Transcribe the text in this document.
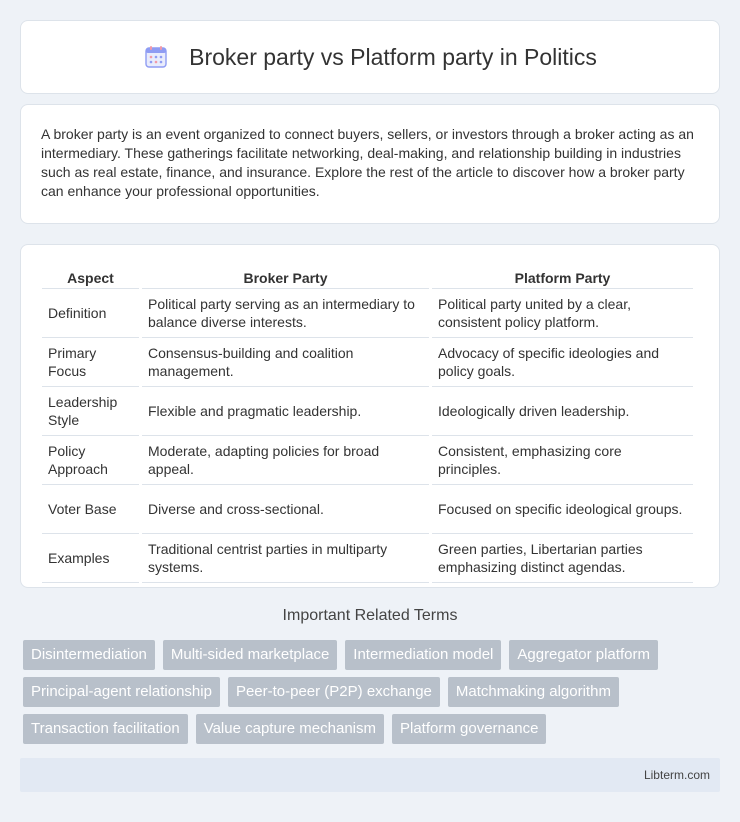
Broker party vs Platform party in Politics

A broker party is an event organized to connect buyers, sellers, or investors through a broker acting as an intermediary. These gatherings facilitate networking, deal-making, and relationship building in industries such as real estate, finance, and insurance. Explore the rest of the article to discover how a broker party can enhance your professional opportunities.

Aspect	Broker Party	Platform Party
Definition	Political party serving as an intermediary to balance diverse interests.	Political party united by a clear, consistent policy platform.
Primary Focus	Consensus-building and coalition management.	Advocacy of specific ideologies and policy goals.
Leadership Style	Flexible and pragmatic leadership.	Ideologically driven leadership.
Policy Approach	Moderate, adapting policies for broad appeal.	Consistent, emphasizing core principles.
Voter Base	Diverse and cross-sectional.	Focused on specific ideological groups.
Examples	Traditional centrist parties in multiparty systems.	Green parties, Libertarian parties emphasizing distinct agendas.
Important Related Terms
Disintermediation	Multi-sided marketplace	Intermediation model	Aggregator platform
Principal-agent relationship	Peer-to-peer (P2P) exchange	Matchmaking algorithm
Transaction facilitation	Value capture mechanism	Platform governance
Libterm.com
